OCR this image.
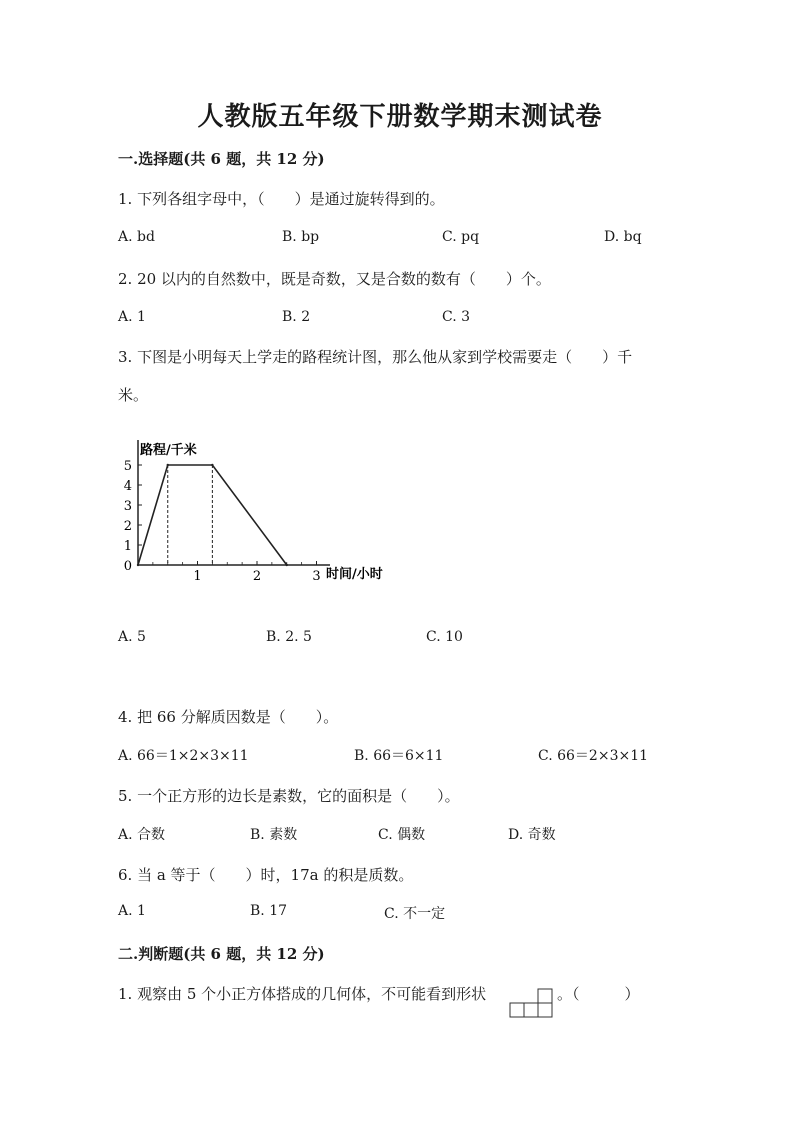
人教版五年级下册数学期末测试卷
一.选择题(共 6 题，共 12 分)
1. 下列各组字母中，（　　）是通过旋转得到的。
A. bd	B. bp	C. pq	D. bq
2. 20 以内的自然数中，既是奇数，又是合数的数有（　　）个。
A. 1	B. 2	C. 3
3. 下图是小明每天上学走的路程统计图，那么他从家到学校需要走（　　）千
米。
路程/千米
时间/小时
0
1
2
3
4
5
1	2	3
A. 5	B. 2. 5	C. 10
4. 把 66 分解质因数是（　　）。
A. 66＝1×2×3×11	B. 66＝6×11	C. 66＝2×3×11
5. 一个正方形的边长是素数，它的面积是（　　）。
A. 合数	B. 素数	C. 偶数	D. 奇数
6. 当 a 等于（　　）时，17a 的积是质数。
A. 1	B. 17	C. 不一定
二.判断题(共 6 题，共 12 分)
1. 观察由 5 个小正方体搭成的几何体，不可能看到形状	。（　　　）
